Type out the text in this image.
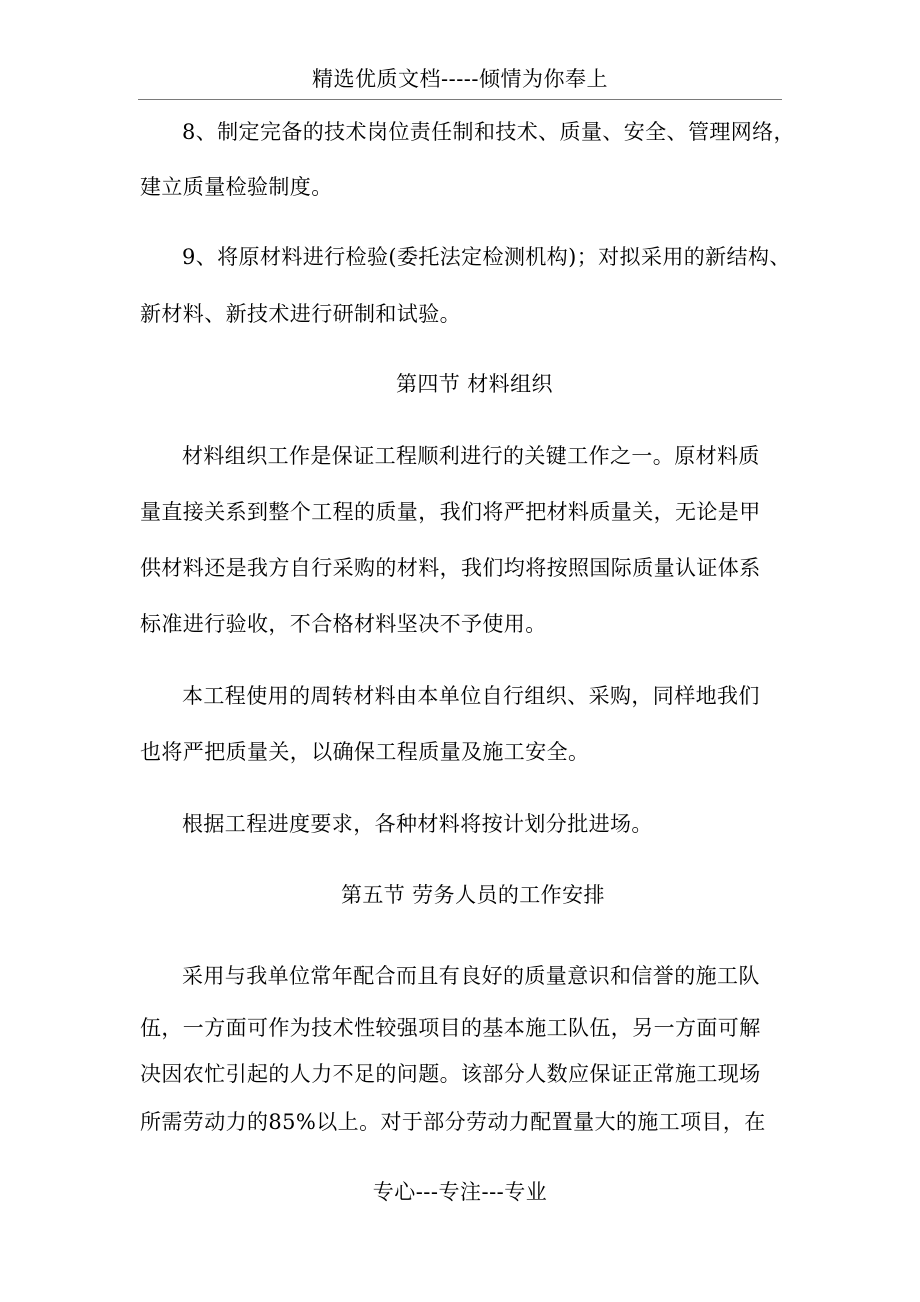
精选优质文档-----倾情为你奉上
8、制定完备的技术岗位责任制和技术、质量、安全、管理网络，
建立质量检验制度。
9、将原材料进行检验(委托法定检测机构)；对拟采用的新结构、
新材料、新技术进行研制和试验。
第四节 材料组织
材料组织工作是保证工程顺利进行的关键工作之一。原材料质
量直接关系到整个工程的质量，我们将严把材料质量关，无论是甲
供材料还是我方自行采购的材料，我们均将按照国际质量认证体系
标准进行验收，不合格材料坚决不予使用。
本工程使用的周转材料由本单位自行组织、采购，同样地我们
也将严把质量关，以确保工程质量及施工安全。
根据工程进度要求，各种材料将按计划分批进场。
第五节 劳务人员的工作安排
采用与我单位常年配合而且有良好的质量意识和信誉的施工队
伍，一方面可作为技术性较强项目的基本施工队伍，另一方面可解
决因农忙引起的人力不足的问题。该部分人数应保证正常施工现场
所需劳动力的85%以上。对于部分劳动力配置量大的施工项目，在
专心---专注---专业
